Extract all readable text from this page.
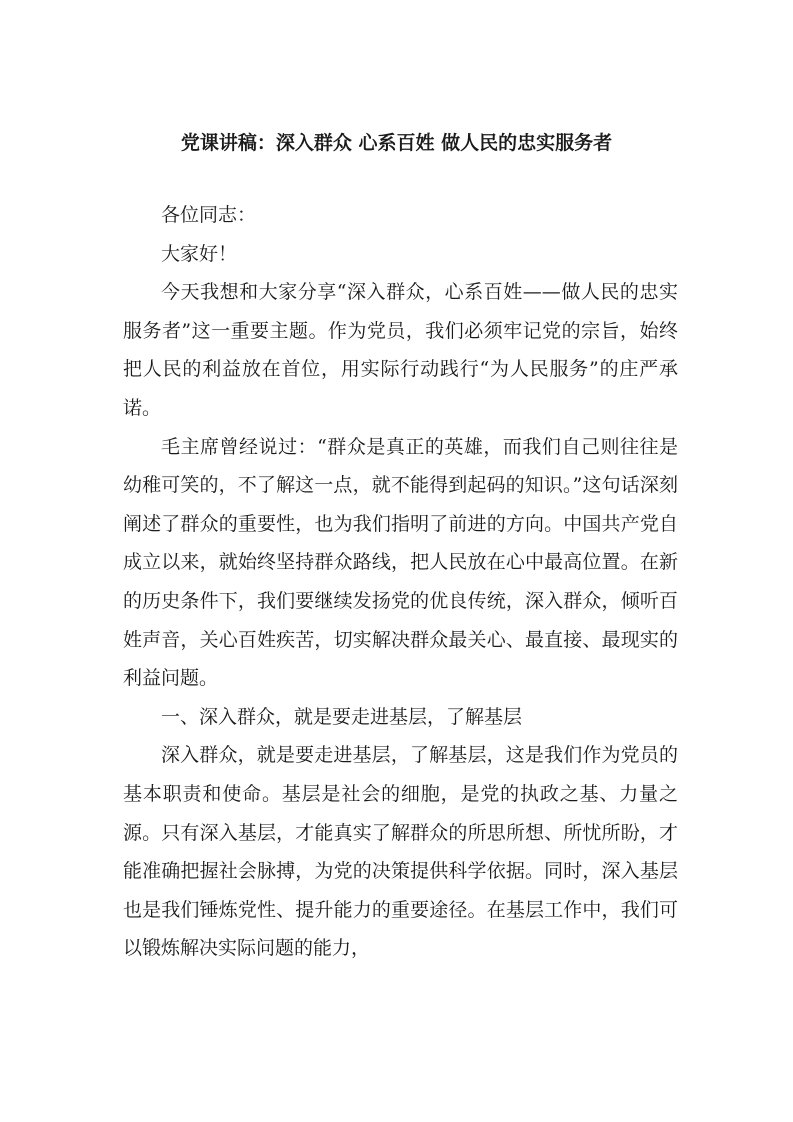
党课讲稿：深入群众 心系百姓 做人民的忠实服务者

各位同志：

大家好！

今天我想和大家分享“深入群众，心系百姓——做人民的忠实服务者”这一重要主题。作为党员，我们必须牢记党的宗旨，始终把人民的利益放在首位，用实际行动践行“为人民服务”的庄严承诺。

毛主席曾经说过：“群众是真正的英雄，而我们自己则往往是幼稚可笑的，不了解这一点，就不能得到起码的知识。”这句话深刻阐述了群众的重要性，也为我们指明了前进的方向。中国共产党自成立以来，就始终坚持群众路线，把人民放在心中最高位置。在新的历史条件下，我们要继续发扬党的优良传统，深入群众，倾听百姓声音，关心百姓疾苦，切实解决群众最关心、最直接、最现实的利益问题。

一、深入群众，就是要走进基层，了解基层

深入群众，就是要走进基层，了解基层，这是我们作为党员的基本职责和使命。基层是社会的细胞，是党的执政之基、力量之源。只有深入基层，才能真实了解群众的所思所想、所忧所盼，才能准确把握社会脉搏，为党的决策提供科学依据。同时，深入基层也是我们锤炼党性、提升能力的重要途径。在基层工作中，我们可以锻炼解决实际问题的能力，
